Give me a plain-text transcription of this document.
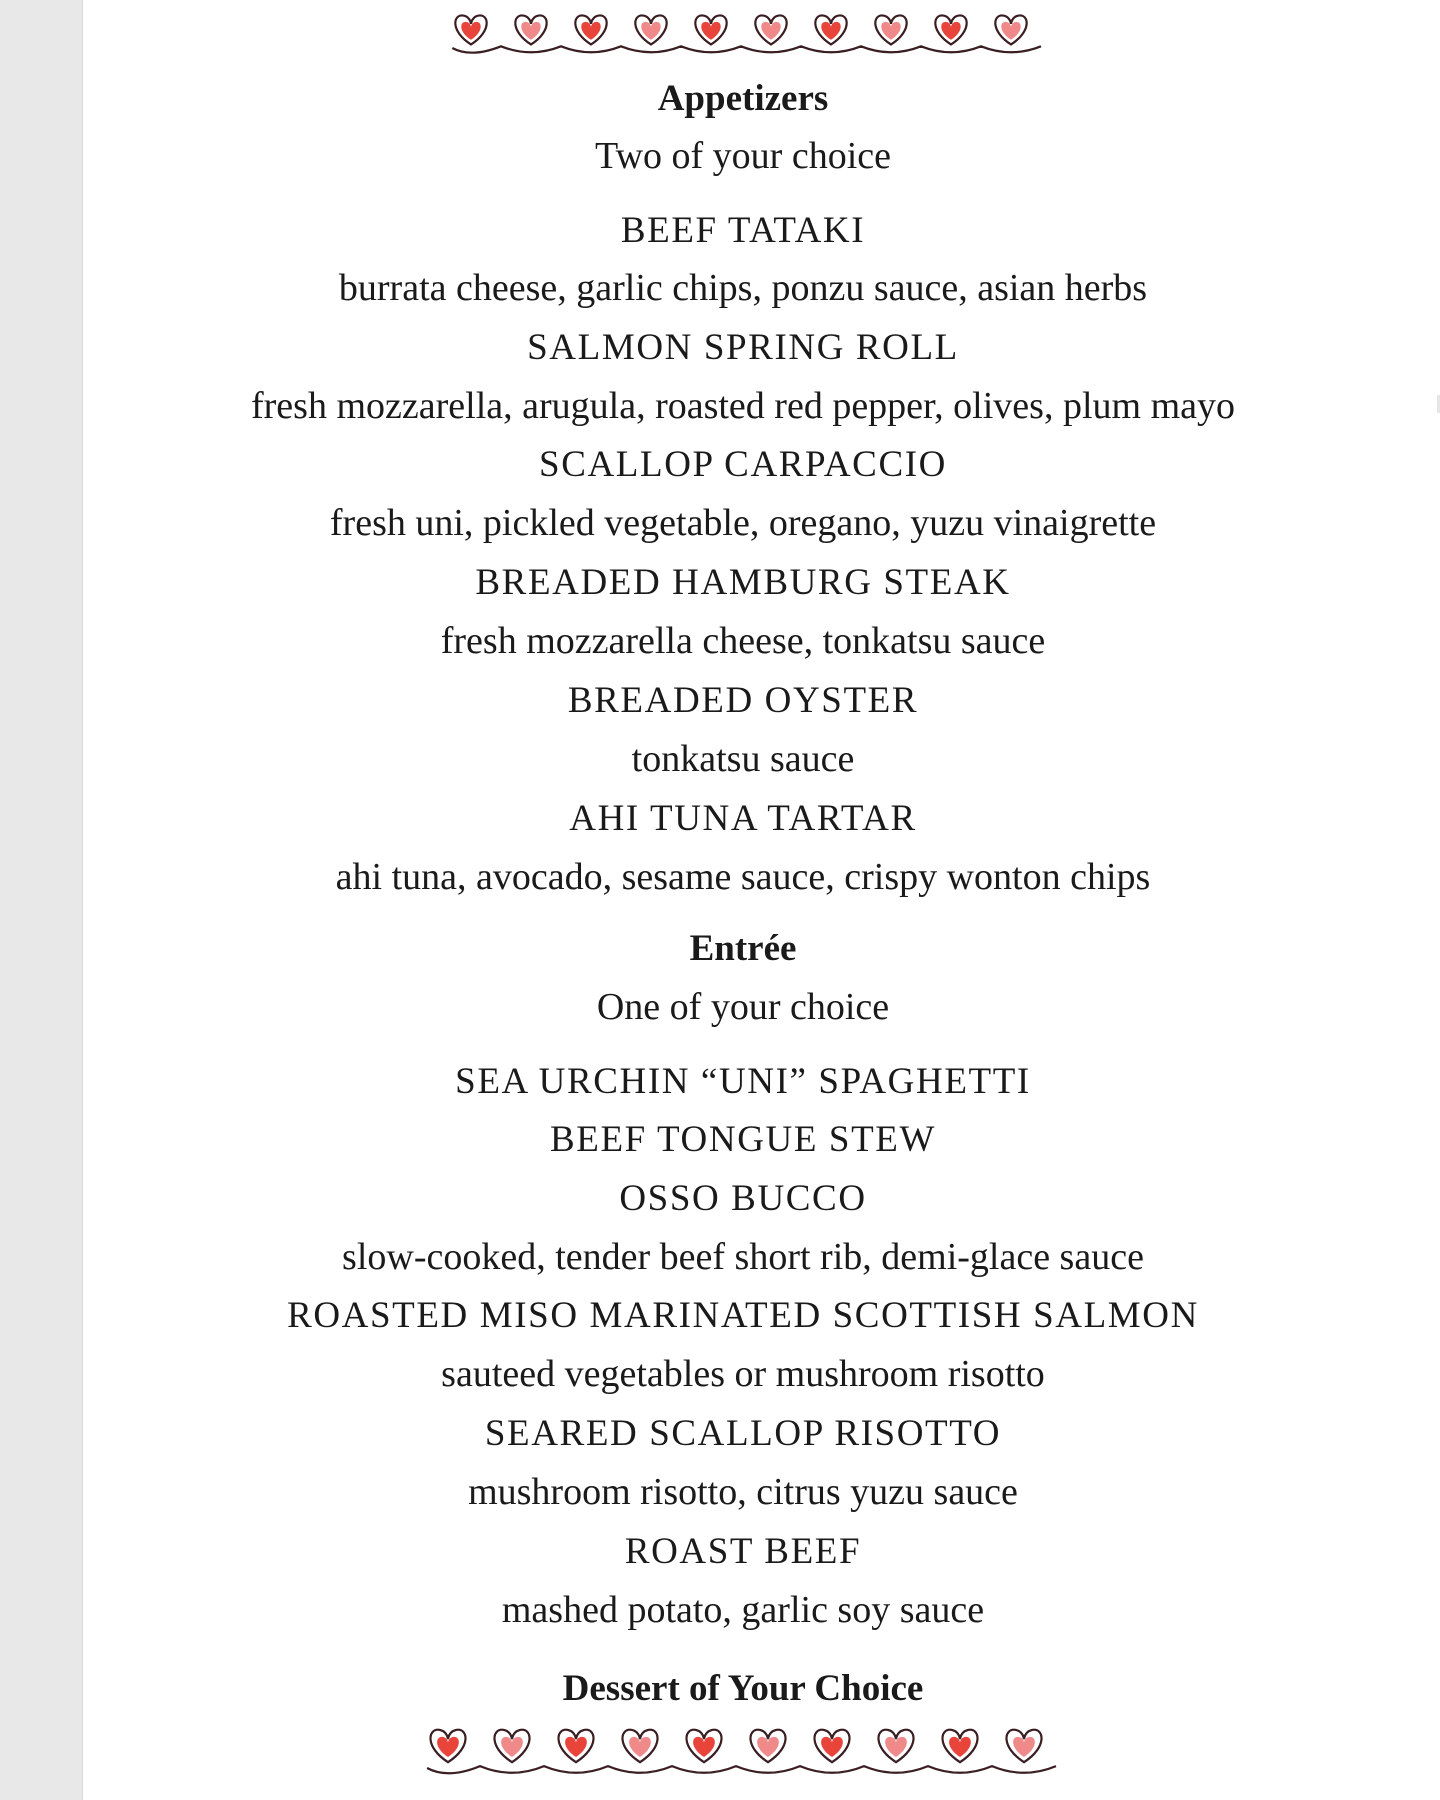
Appetizers
Two of your choice
BEEF TATAKI
burrata cheese, garlic chips, ponzu sauce, asian herbs
SALMON SPRING ROLL
fresh mozzarella, arugula, roasted red pepper, olives, plum mayo
SCALLOP CARPACCIO
fresh uni, pickled vegetable, oregano, yuzu vinaigrette
BREADED HAMBURG STEAK
fresh mozzarella cheese, tonkatsu sauce
BREADED OYSTER
tonkatsu sauce
AHI TUNA TARTAR
ahi tuna, avocado, sesame sauce, crispy wonton chips
Entrée
One of your choice
SEA URCHIN “UNI” SPAGHETTI
BEEF TONGUE STEW
OSSO BUCCO
slow-cooked, tender beef short rib, demi-glace sauce
ROASTED MISO MARINATED SCOTTISH SALMON
sauteed vegetables or mushroom risotto
SEARED SCALLOP RISOTTO
mushroom risotto, citrus yuzu sauce
ROAST BEEF
mashed potato, garlic soy sauce
Dessert of Your Choice
